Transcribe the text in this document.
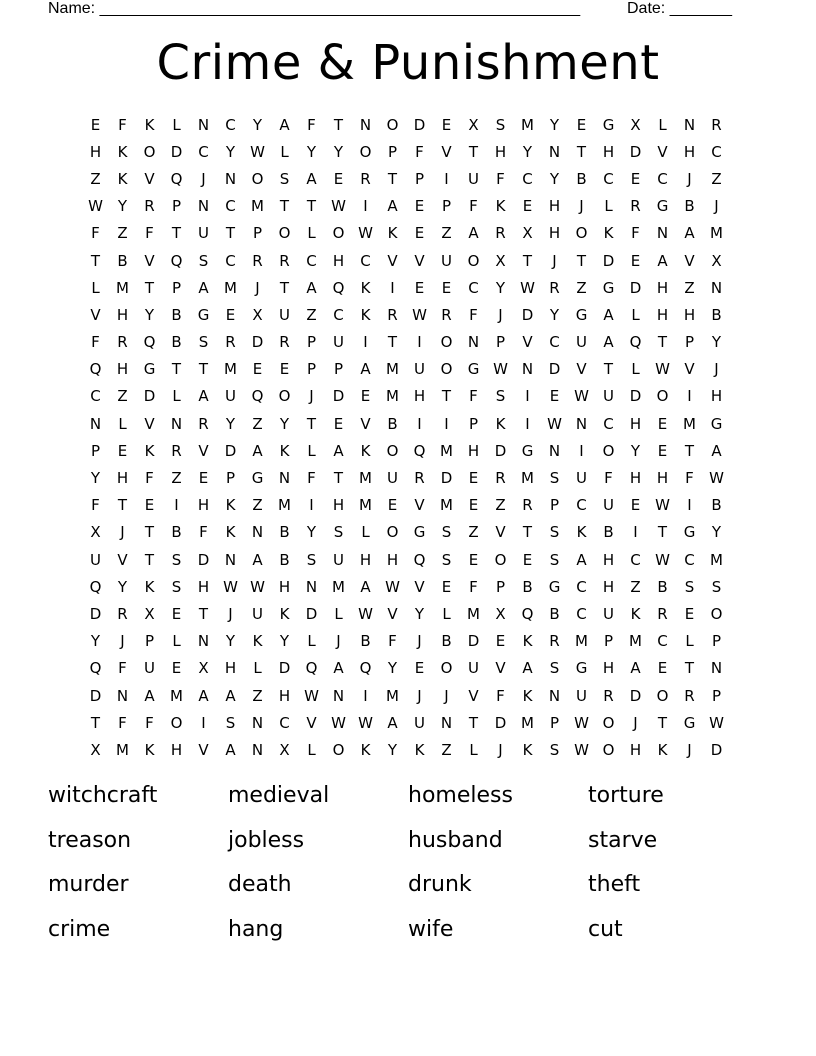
Name: ______________________________________________________	Date: _______
Crime & Punishment
E	F	K	L	N	C	Y	A	F	T	N	O	D	E	X	S	M	Y	E	G	X	L	N	R
H	K	O	D	C	Y	W	L	Y	Y	O	P	F	V	T	H	Y	N	T	H	D	V	H	C
Z	K	V	Q	J	N	O	S	A	E	R	T	P	I	U	F	C	Y	B	C	E	C	J	Z
W Y	R	P	N	C	M	T	T	W	I	A	E	P	F	K	E	H	J	L	R	G	B	J
F	Z	F	T	U	T	P	O	L	O W K	E	Z	A	R	X	H	O	K	F	N	A	M
T	B	V	Q	S	C	R	R	C	H	C	V	V	U	O	X	T	J	T	D	E	A	V	X
L	M	T	P	A	M	J	T	A	Q	K	I	E	E	C	Y	W R	Z	G	D	H	Z	N
V	H	Y	B	G	E	X	U	Z	C	K	R W R	F	J	D	Y	G	A	L	H	H	B
F	R	Q	B	S	R	D	R	P	U	I	T	I	O	N	P	V	C	U	A	Q	T	P	Y
Q	H	G	T	T	M	E	E	P	P	A	M	U	O	G W N	D	V	T	L	W V	J
C	Z	D	L	A	U	Q	O	J	D	E	M H	T	F	S	I	E W U	D	O	I	H
N	L	V	N	R	Y	Z	Y	T	E	V	B	I	I	P	K	I	W N	C	H	E	M G
P	E	K	R	V	D	A	K	L	A	K	O	Q M H	D	G	N	I	O	Y	E	T	A
Y	H	F	Z	E	P	G	N	F	T	M	U	R	D	E	R	M	S	U	F	H	H	F	W
F	T	E	I	H	K	Z	M	I	H M	E	V	M	E	Z	R	P	C	U	E W	I	B
X	J	T	B	F	K	N	B	Y	S	L	O	G	S	Z	V	T	S	K	B	I	T	G	Y
U	V	T	S	D	N	A	B	S	U	H	H	Q	S	E	O	E	S	A	H	C W C	M
Q	Y	K	S	H W W H	N M	A W V	E	F	P	B	G	C	H	Z	B	S	S
D	R	X	E	T	J	U	K	D	L	W V	Y	L	M	X	Q	B	C	U	K	R	E	O
Y	J	P	L	N	Y	K	Y	L	J	B	F	J	B	D	E	K	R	M	P	M	C	L	P
Q	F	U	E	X	H	L	D	Q	A	Q	Y	E	O	U	V	A	S	G	H	A	E	T	N
D	N	A	M	A	A	Z	H W N	I	M	J	J	V	F	K	N	U	R	D	O	R	P
T	F	F	O	I	S	N	C	V W W A	U	N	T	D M	P	W O	J	T	G W
X	M	K	H	V	A	N	X	L	O	K	Y	K	Z	L	J	K	S W O	H	K	J	D
witchcraft	medieval	homeless	torture
treason	jobless	husband	starve
murder	death	drunk	theft
crime	hang	wife	cut
